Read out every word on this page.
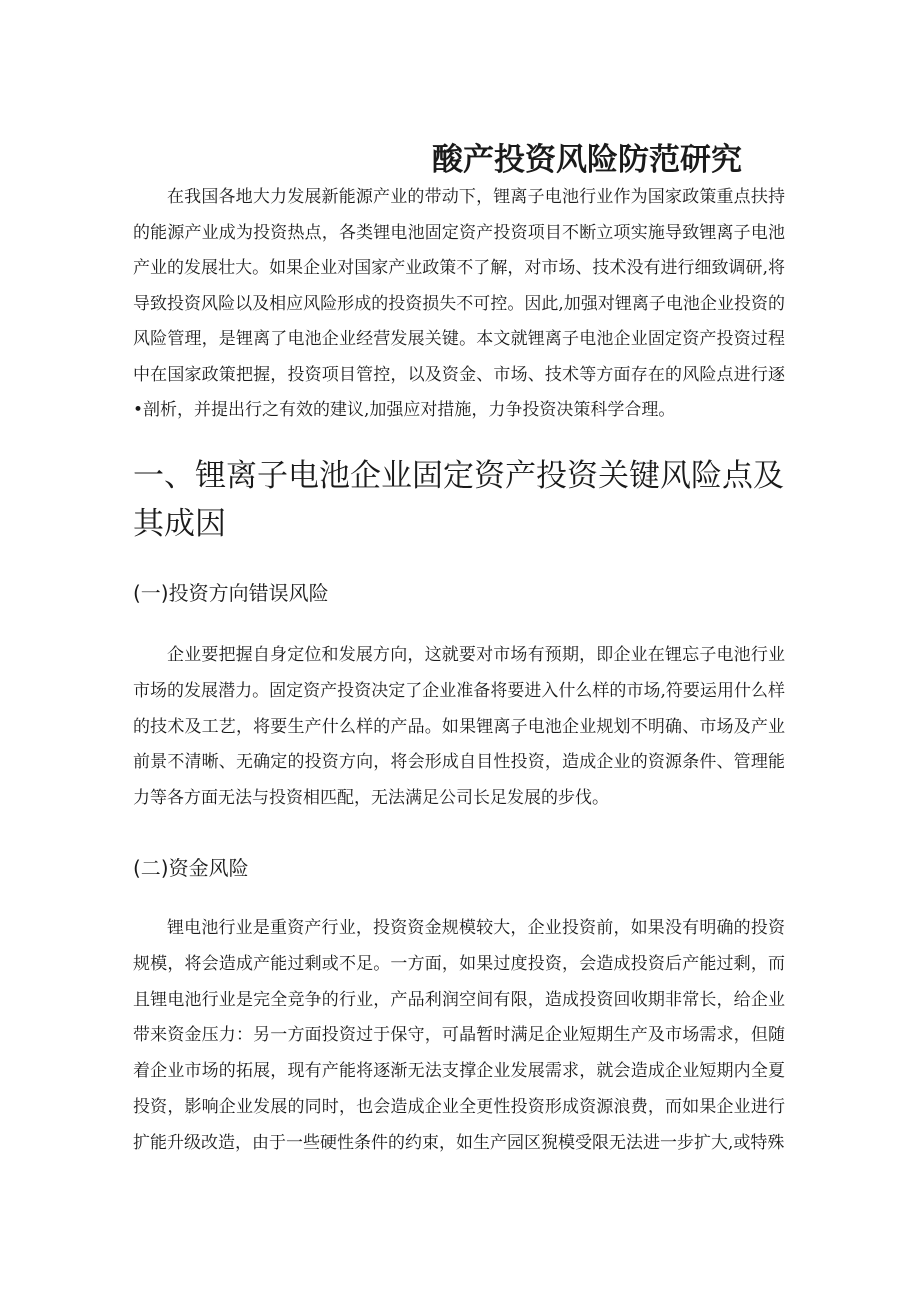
酸产投资风险防范研究

在我国各地大力发展新能源产业的带动下，锂离子电池行业作为国家政策重点扶持的能源产业成为投资热点，各类锂电池固定资产投资项目不断立项实施导致锂离子电池产业的发展壮大。如果企业对国家产业政策不了解，对市场、技术没有进行细致调研,将导致投资风险以及相应风险形成的投资损失不可控。因此,加强对锂离子电池企业投资的风险管理，是锂离了电池企业经营发展关键。本文就锂离子电池企业固定资产投资过程中在国家政策把握，投资项目管控，以及资金、市场、技术等方面存在的风险点进行逐•剖析，并提出行之有效的建议,加强应对措施，力争投资决策科学合理。

一、锂离子电池企业固定资产投资关键风险点及其成因
(一)投资方向错误风险

企业要把握自身定位和发展方向，这就要对市场有预期，即企业在锂忘子电池行业市场的发展潜力。固定资产投资决定了企业准备将要进入什么样的市场,符要运用什么样的技术及工艺，将要生产什么样的产品。如果锂离子电池企业规划不明确、市场及产业前景不清晰、无确定的投资方向，将会形成自目性投资，造成企业的资源条件、管理能力等各方面无法与投资相匹配，无法满足公司长足发展的步伐。

(二)资金风险

锂电池行业是重资产行业，投资资金规模较大，企业投资前，如果没有明确的投资规模，将会造成产能过剩或不足。一方面，如果过度投资，会造成投资后产能过剩，而且锂电池行业是完全竞争的行业，产品利润空间有限，造成投资回收期非常长，给企业带来资金压力：另一方面投资过于保守，可晶暂时满足企业短期生产及市场需求，但随着企业市场的拓展，现有产能将逐渐无法支撑企业发展需求，就会造成企业短期内全夏投资，影响企业发展的同时，也会造成企业全更性投资形成资源浪费，而如果企业进行扩能升级改造，由于一些硬性条件的约束，如生产园区猊模受限无法进一步扩大,或特殊
